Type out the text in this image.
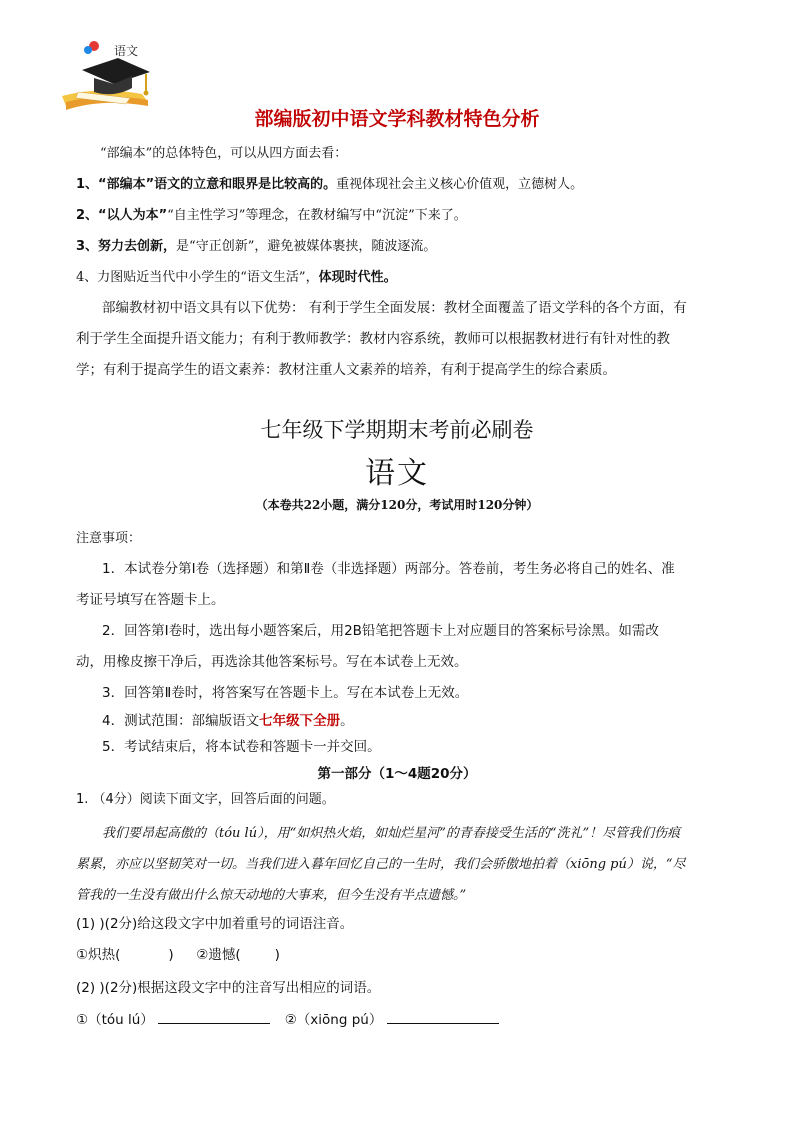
语文
部编版初中语文学科教材特色分析
“部编本”的总体特色，可以从四方面去看：
1、“部编本”语文的立意和眼界是比较高的。重视体现社会主义核心价值观，立德树人。
2、“以人为本”“自主性学习”等理念，在教材编写中“沉淀”下来了。
3、努力去创新，是“守正创新”，避免被媒体裹挟，随波逐流。
4、力图贴近当代中小学生的“语文生活”，体现时代性。
部编教材初中语文具有以下优势： 有利于学生全面发展：教材全面覆盖了语文学科的各个方面，有利于学生全面提升语文能力；有利于教师教学：教材内容系统，教师可以根据教材进行有针对性的教学；有利于提高学生的语文素养：教材注重人文素养的培养，有利于提高学生的综合素质。
七年级下学期期末考前必刷卷
语文
（本卷共22小题，满分120分，考试用时120分钟）
注意事项：
1．本试卷分第Ⅰ卷（选择题）和第Ⅱ卷（非选择题）两部分。答卷前，考生务必将自己的姓名、准考证号填写在答题卡上。
2．回答第Ⅰ卷时，选出每小题答案后，用2B铅笔把答题卡上对应题目的答案标号涂黑。如需改动，用橡皮擦干净后，再选涂其他答案标号。写在本试卷上无效。
3．回答第Ⅱ卷时，将答案写在答题卡上。写在本试卷上无效。
4．测试范围：部编版语文七年级下全册。
5．考试结束后，将本试卷和答题卡一并交回。
第一部分（1～4题20分）
1. （4分）阅读下面文字，回答后面的问题。
我们要昂起高傲的（tóu lú），用“如炽热火焰，如灿烂星河”的青春接受生活的“洗礼”！尽管我们伤痕累累，亦应以坚韧笑对一切。当我们进入暮年回忆自己的一生时，我们会骄傲地拍着（xiōng pú）说，“尽管我的一生没有做出什么惊天动地的大事来，但今生没有半点遗憾。”
(1) )(2分)给这段文字中加着重号的词语注音。
①炽热(	) ②遗憾(	)
(2) )(2分)根据这段文字中的注音写出相应的词语。
①（tóu lú）	②（xiōng pú）
